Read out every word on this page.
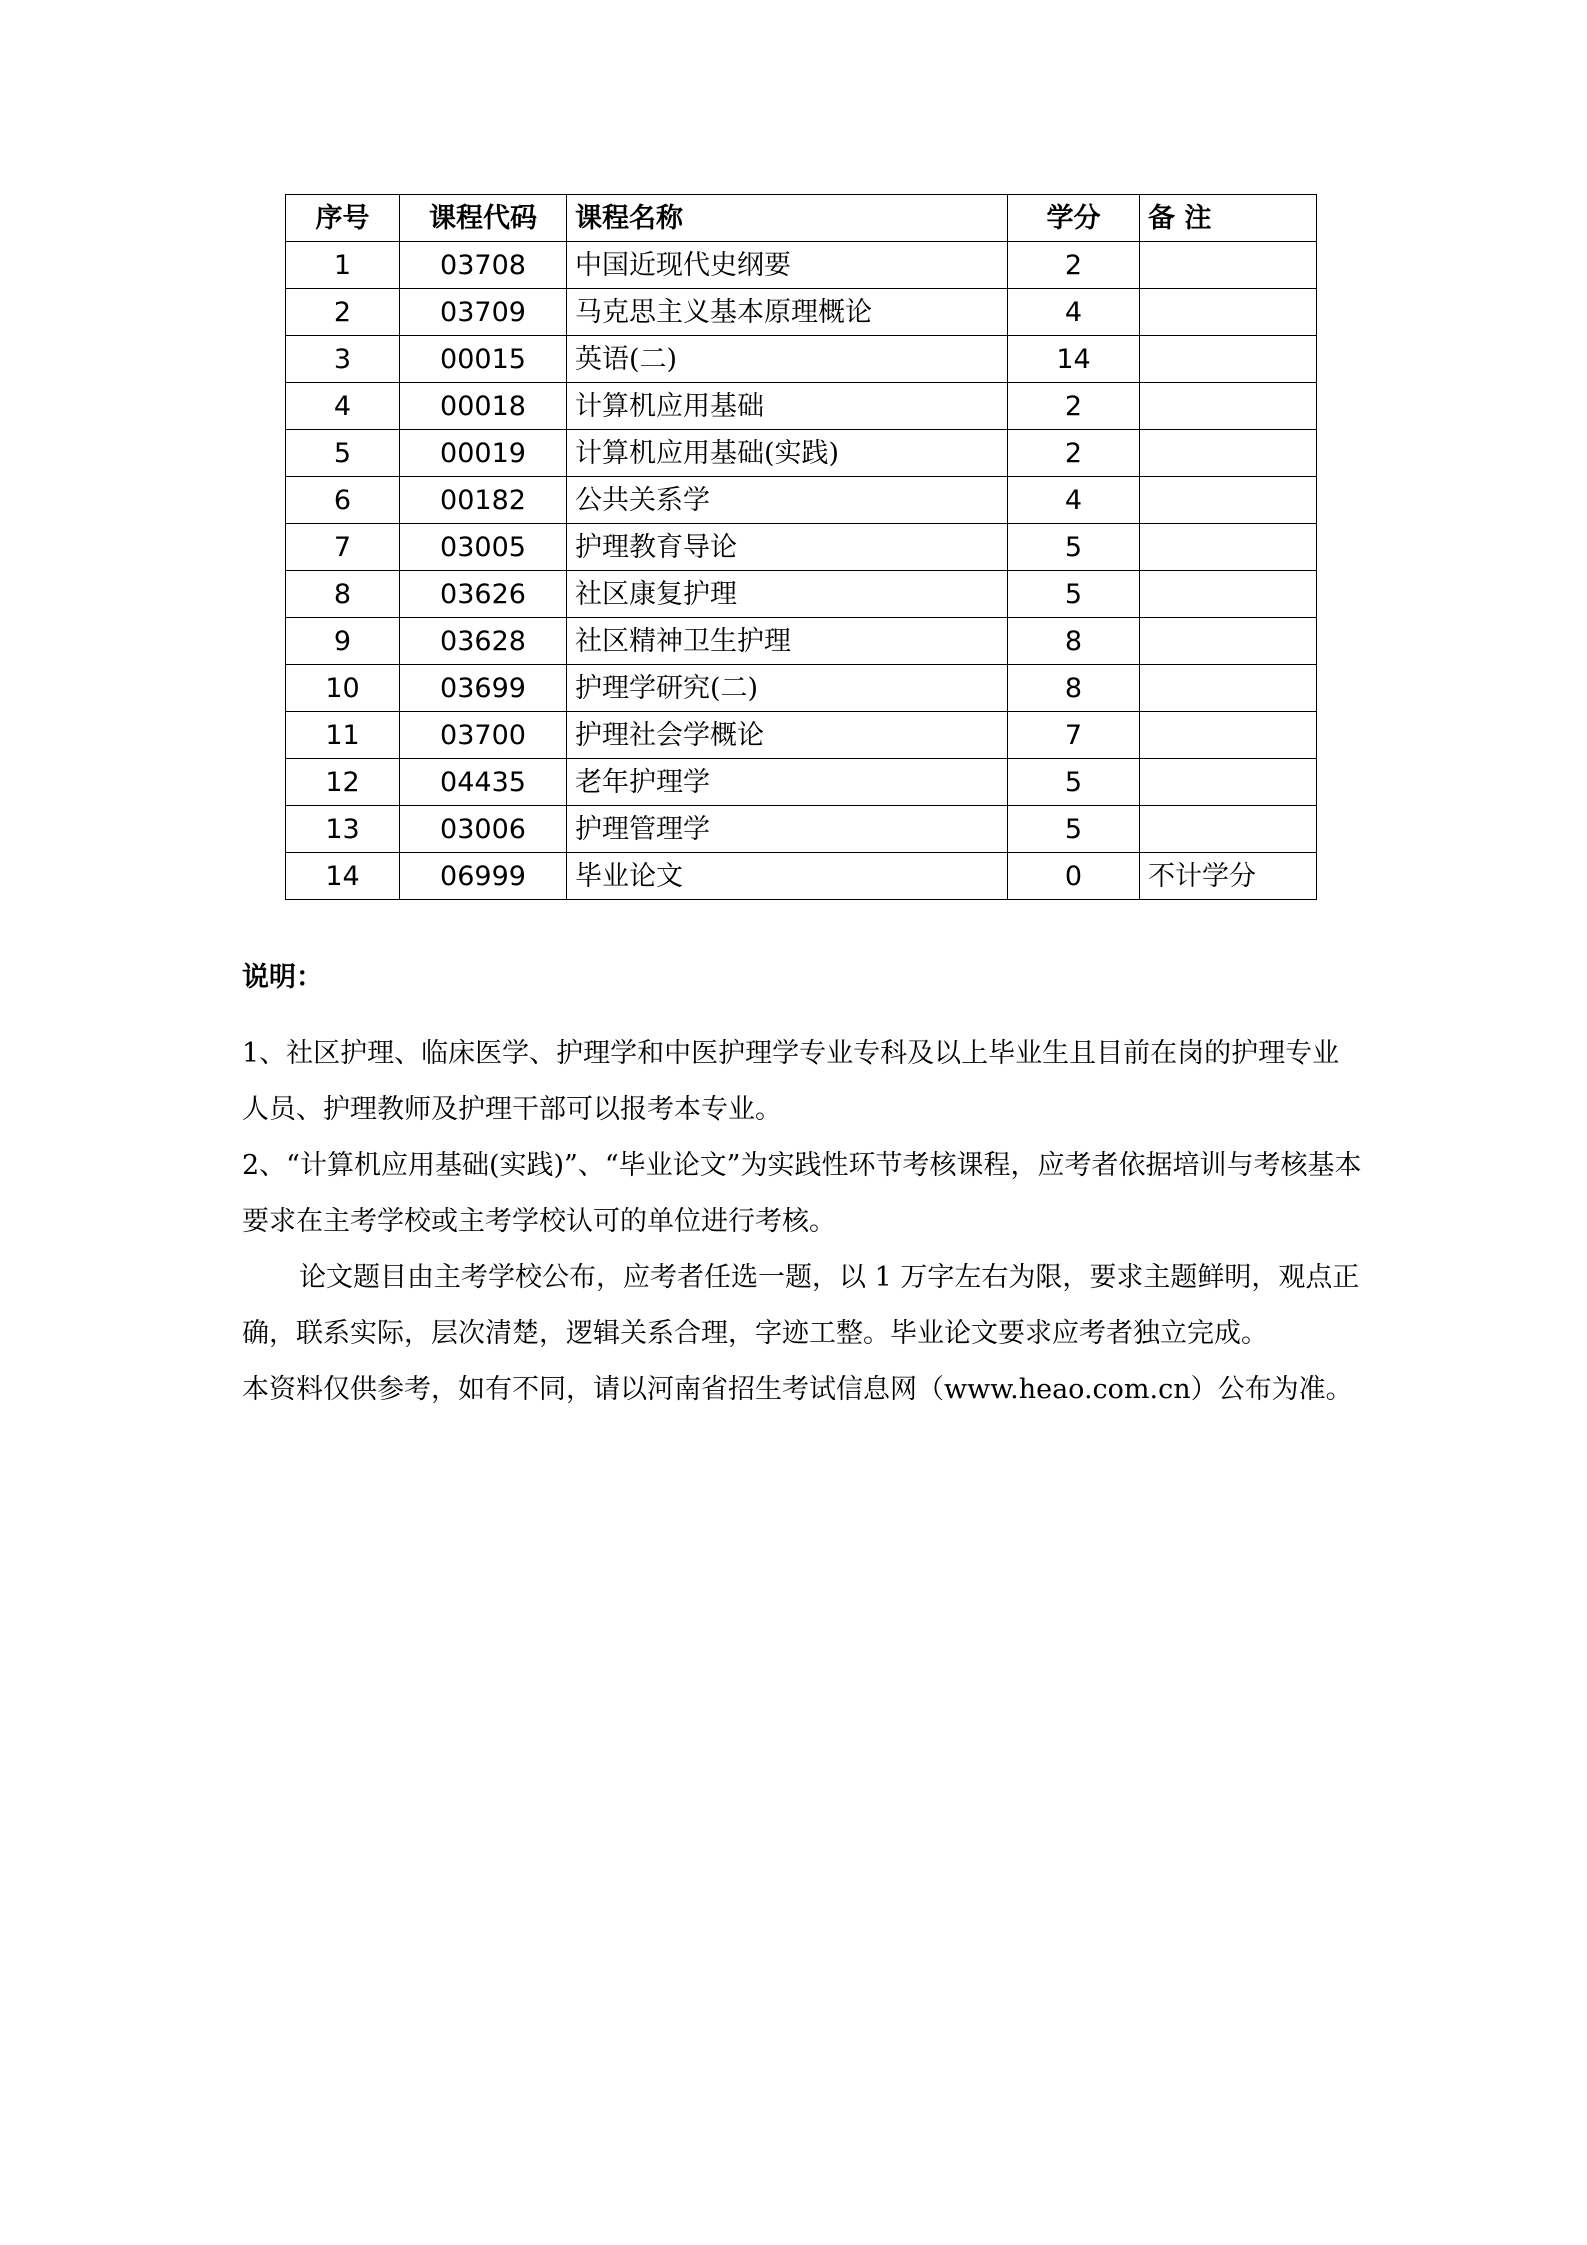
序号	课程代码	课程名称	学分	备 注
1	03708	中国近现代史纲要	2	
2	03709	马克思主义基本原理概论	4	
3	00015	英语(二)	14	
4	00018	计算机应用基础	2	
5	00019	计算机应用基础(实践)	2	
6	00182	公共关系学	4	
7	03005	护理教育导论	5	
8	03626	社区康复护理	5	
9	03628	社区精神卫生护理	8	
10	03699	护理学研究(二)	8	
11	03700	护理社会学概论	7	
12	04435	老年护理学	5	
13	03006	护理管理学	5	
14	06999	毕业论文	0	不计学分
说明：

1、社区护理、临床医学、护理学和中医护理学专业专科及以上毕业生且目前在岗的护理专业人员、护理教师及护理干部可以报考本专业。

2、“计算机应用基础(实践)”、“毕业论文”为实践性环节考核课程，应考者依据培训与考核基本要求在主考学校或主考学校认可的单位进行考核。

论文题目由主考学校公布，应考者任选一题，以 1 万字左右为限，要求主题鲜明，观点正确，联系实际，层次清楚，逻辑关系合理，字迹工整。毕业论文要求应考者独立完成。

本资料仅供参考，如有不同，请以河南省招生考试信息网（www.heao.com.cn）公布为准。
